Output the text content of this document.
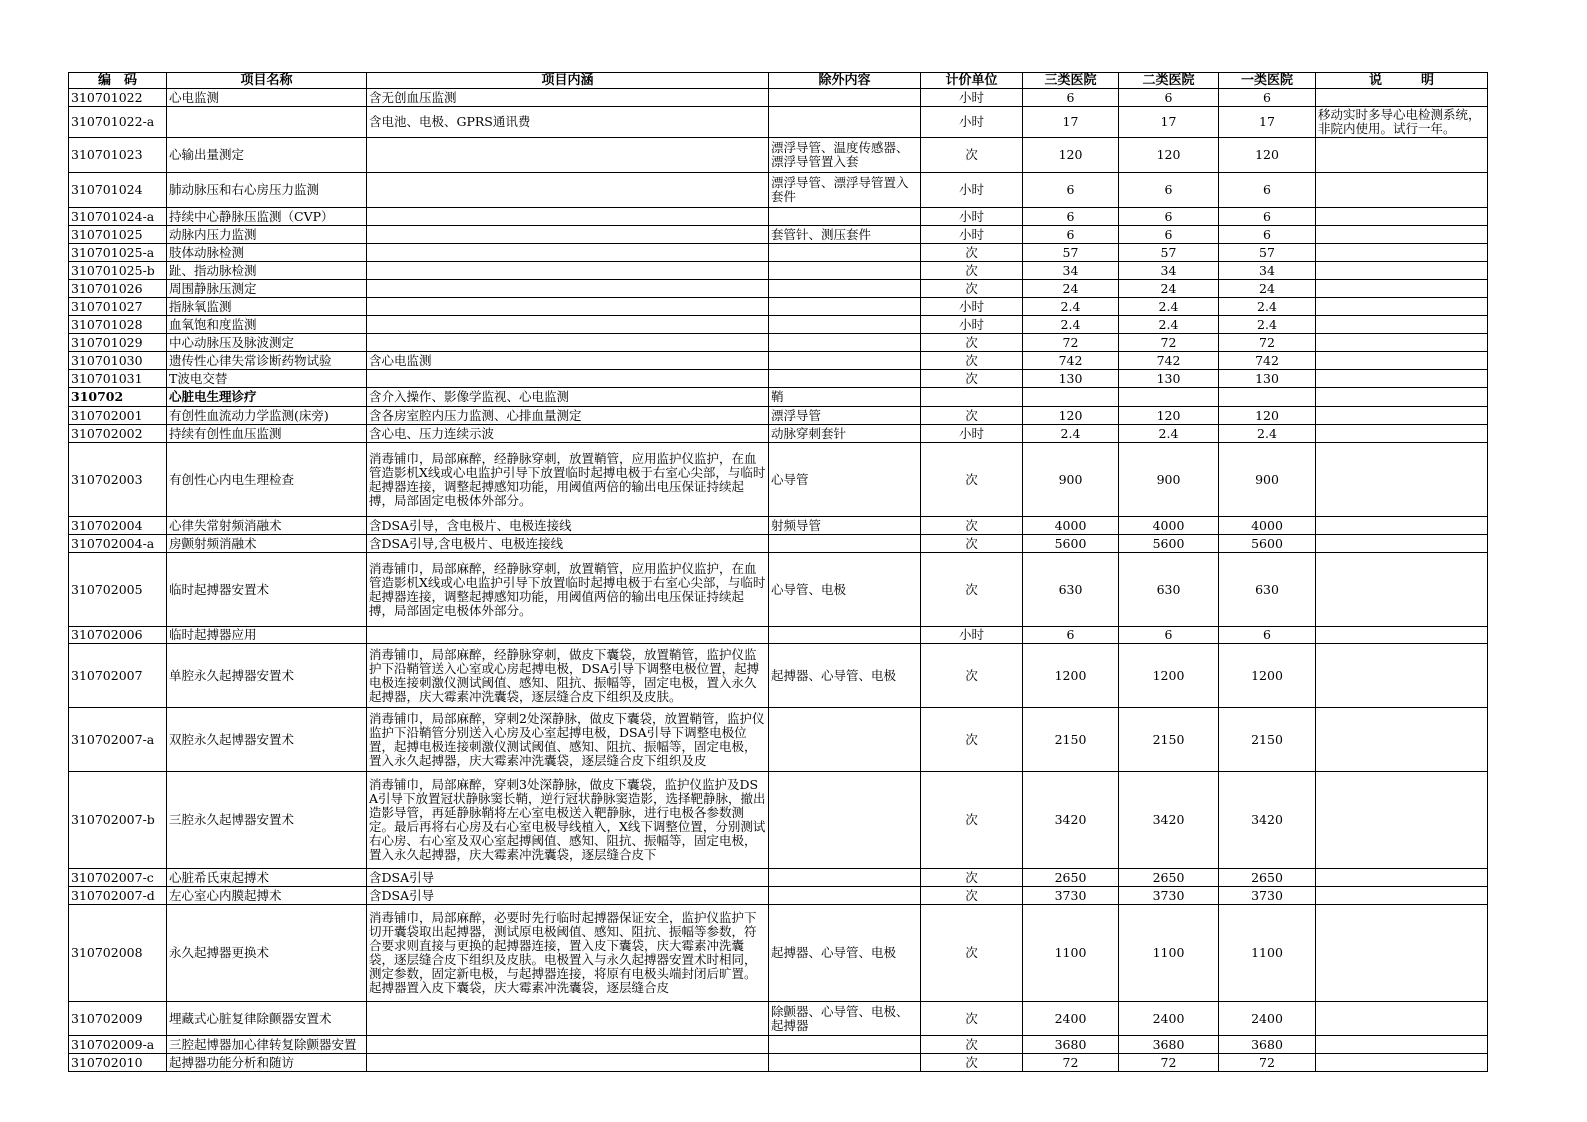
编　码	项目名称	项目内涵	除外内容	计价单位	三类医院	二类医院	一类医院	说　　　明
310701022	心电监测	含无创血压监测		小时	6	6	6	

310701022-a		含电池、电极、GPRS通讯费		小时	17	17	17	移动实时多导心电检测系统，非院内使用。试行一年。

310701023	心输出量测定		漂浮导管、温度传感器、漂浮导管置入套	次	120	120	120	

310701024	肺动脉压和右心房压力监测		漂浮导管、漂浮导管置入套件	小时	6	6	6	

310701024-a	持续中心静脉压监测（CVP）			小时	6	6	6	

310701025	动脉内压力监测		套管针、测压套件	小时	6	6	6	

310701025-a	肢体动脉检测			次	57	57	57	

310701025-b	趾、指动脉检测			次	34	34	34	

310701026	周围静脉压测定			次	24	24	24	

310701027	指脉氧监测			小时	2.4	2.4	2.4	

310701028	血氧饱和度监测			小时	2.4	2.4	2.4	

310701029	中心动脉压及脉波测定			次	72	72	72	

310701030	遗传性心律失常诊断药物试验	含心电监测		次	742	742	742	

310701031	T波电交替			次	130	130	130	

310702	心脏电生理诊疗	含介入操作、影像学监视、心电监测	鞘					

310702001	有创性血流动力学监测(床旁)	含各房室腔内压力监测、心排血量测定	漂浮导管	次	120	120	120	

310702002	持续有创性血压监测	含心电、压力连续示波	动脉穿刺套针	小时	2.4	2.4	2.4	

310702003	有创性心内电生理检查	消毒铺巾，局部麻醉，经静脉穿刺，放置鞘管，应用监护仪监护，在血管造影机X线或心电监护引导下放置临时起搏电极于右室心尖部，与临时起搏器连接，调整起搏感知功能，用阈值两倍的输出电压保证持续起搏，局部固定电极体外部分。	心导管	次	900	900	900	

310702004	心律失常射频消融术	含DSA引导，含电极片、电极连接线	射频导管	次	4000	4000	4000	

310702004-a	房颤射频消融术	含DSA引导,含电极片、电极连接线		次	5600	5600	5600	

310702005	临时起搏器安置术	消毒铺巾，局部麻醉，经静脉穿刺，放置鞘管，应用监护仪监护，在血管造影机X线或心电监护引导下放置临时起搏电极于右室心尖部，与临时起搏器连接，调整起搏感知功能，用阈值两倍的输出电压保证持续起搏，局部固定电极体外部分。	心导管、电极	次	630	630	630	

310702006	临时起搏器应用			小时	6	6	6	

310702007	单腔永久起搏器安置术	消毒铺巾，局部麻醉，经静脉穿刺，做皮下囊袋，放置鞘管，监护仪监护下沿鞘管送入心室或心房起搏电极，DSA引导下调整电极位置，起搏电极连接刺激仪测试阈值、感知、阻抗、振幅等，固定电极，置入永久起搏器，庆大霉素冲洗囊袋，逐层缝合皮下组织及皮肤。	起搏器、心导管、电极	次	1200	1200	1200	

310702007-a	双腔永久起博器安置术	消毒铺巾，局部麻醉，穿刺2处深静脉，做皮下囊袋，放置鞘管，监护仪监护下沿鞘管分别送入心房及心室起搏电极，DSA引导下调整电极位置，起搏电极连接刺激仪测试阈值、感知、阻抗、振幅等，固定电极，置入永久起搏器，庆大霉素冲洗囊袋，逐层缝合皮下组织及皮		次	2150	2150	2150	

310702007-b	三腔永久起博器安置术	消毒铺巾，局部麻醉，穿刺3处深静脉，做皮下囊袋，监护仪监护及DSA引导下放置冠状静脉窦长鞘，逆行冠状静脉窦造影，选择靶静脉，撤出造影导管，再延静脉鞘将左心室电极送入靶静脉，进行电极各参数测定。最后再将右心房及右心室电极导线植入，X线下调整位置，分别测试右心房、右心室及双心室起搏阈值、感知、阻抗、振幅等，固定电极，置入永久起搏器，庆大霉素冲洗囊袋，逐层缝合皮下		次	3420	3420	3420	

310702007-c	心脏希氏束起搏术	含DSA引导		次	2650	2650	2650	

310702007-d	左心室心内膜起搏术	含DSA引导		次	3730	3730	3730	

310702008	永久起搏器更换术	消毒铺巾，局部麻醉，必要时先行临时起搏器保证安全，监护仪监护下切开囊袋取出起搏器，测试原电极阈值、感知、阻抗、振幅等参数，符合要求则直接与更换的起搏器连接，置入皮下囊袋，庆大霉素冲洗囊袋，逐层缝合皮下组织及皮肤。电极置入与永久起搏器安置术时相同，测定参数，固定新电极，与起搏器连接，将原有电极头端封闭后旷置。起搏器置入皮下囊袋，庆大霉素冲洗囊袋，逐层缝合皮	起搏器、心导管、电极	次	1100	1100	1100	

310702009	埋藏式心脏复律除颤器安置术		除颤器、心导管、电极、起搏器	次	2400	2400	2400	

310702009-a	三腔起博器加心律转复除颤器安置			次	3680	3680	3680	

310702010	起搏器功能分析和随访			次	72	72	72	
